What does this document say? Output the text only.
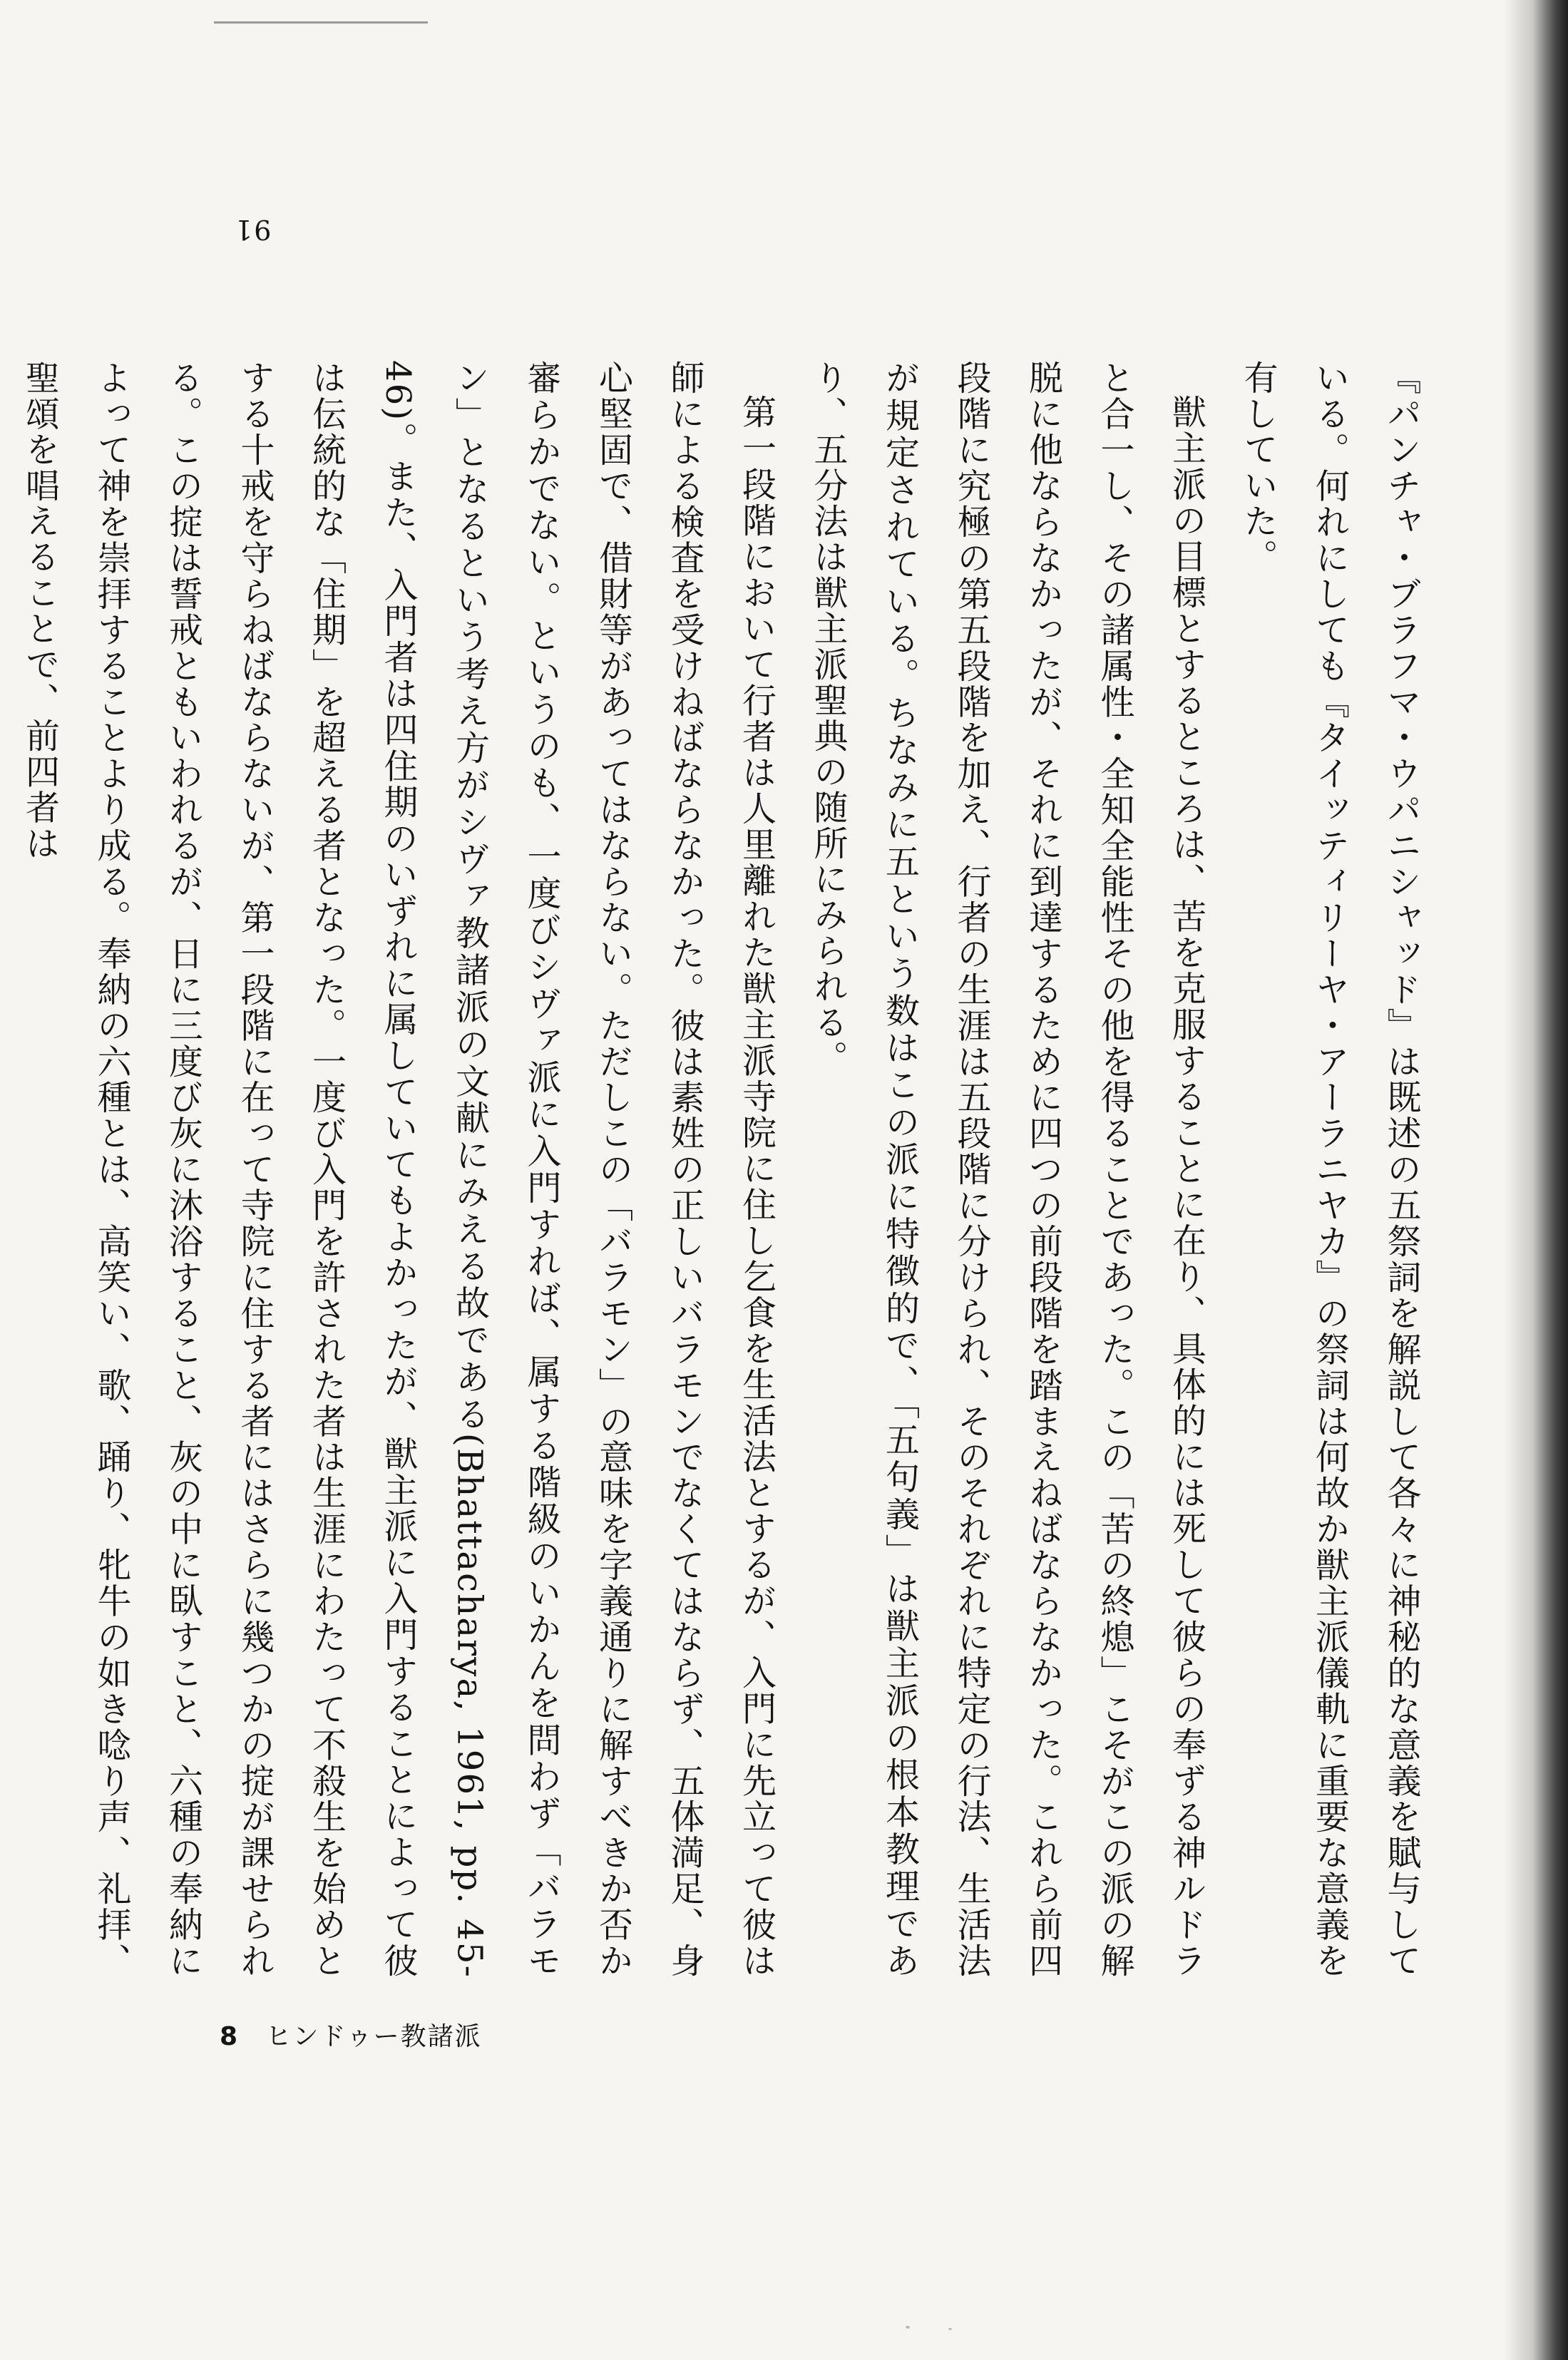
91

『パンチャ・ブラフマ・ウパニシャッド』は既述の五祭詞を解説して各々に神秘的な意義を賦与している。何れにしても『タイッティリーヤ・アーラニヤカ』の祭詞は何故か獣主派儀軌に重要な意義を有していた。

獣主派の目標とするところは、苦を克服することに在り、具体的には死して彼らの奉ずる神ルドラと合一し、その諸属性・全知全能性その他を得ることであった。この「苦の終熄」こそがこの派の解脱に他ならなかったが、それに到達するために四つの前段階を踏まえねばならなかった。これら前四段階に究極の第五段階を加え、行者の生涯は五段階に分けられ、そのそれぞれに特定の行法、生活法が規定されている。ちなみに五という数はこの派に特徴的で、「五句義」は獣主派の根本教理であり、五分法は獣主派聖典の随所にみられる。

第一段階において行者は人里離れた獣主派寺院に住し乞食を生活法とするが、入門に先立って彼は師による検査を受けねばならなかった。彼は素姓の正しいバラモンでなくてはならず、五体満足、身心堅固で、借財等があってはならない。ただしこの「バラモン」の意味を字義通りに解すべきか否か審らかでない。というのも、一度びシヴァ派に入門すれば、属する階級のいかんを問わず「バラモン」となるという考え方がシヴァ教諸派の文献にみえる故である(Bhattacharya, 1961, pp. 45-46)。また、入門者は四住期のいずれに属していてもよかったが、獣主派に入門することによって彼は伝統的な「住期」を超える者となった。一度び入門を許された者は生涯にわたって不殺生を始めとする十戒を守らねばならないが、第一段階に在って寺院に住する者にはさらに幾つかの掟が課せられる。この掟は誓戒ともいわれるが、日に三度び灰に沐浴すること、灰の中に臥すこと、六種の奉納によって神を崇拝することより成る。奉納の六種とは、高笑い、歌、踊り、牝牛の如き唸り声、礼拝、聖頌を唱えることで、前四者は

8 ヒンドゥー教諸派
